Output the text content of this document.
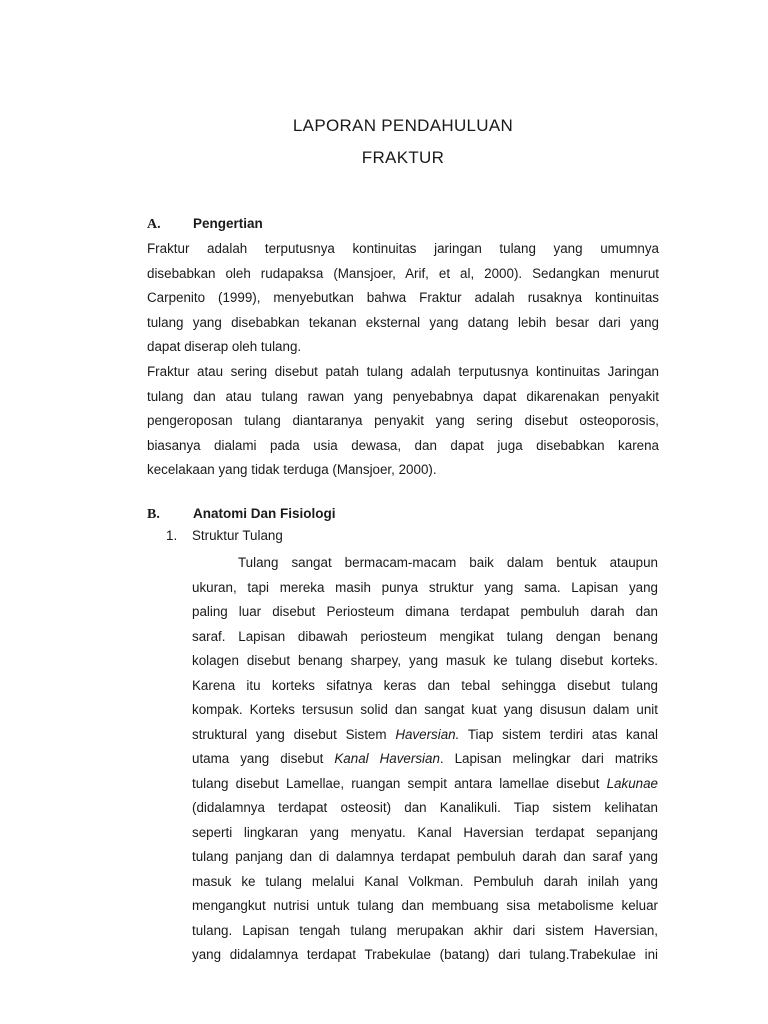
LAPORAN PENDAHULUAN
FRAKTUR
A. Pengertian
Fraktur adalah terputusnya kontinuitas jaringan tulang yang umumnya
disebabkan oleh rudapaksa (Mansjoer, Arif, et al, 2000). Sedangkan menurut
Carpenito (1999), menyebutkan bahwa Fraktur adalah rusaknya kontinuitas
tulang yang disebabkan tekanan eksternal yang datang lebih besar dari yang
dapat diserap oleh tulang.
Fraktur atau sering disebut patah tulang adalah terputusnya kontinuitas Jaringan
tulang dan atau tulang rawan yang penyebabnya dapat dikarenakan penyakit
pengeroposan tulang diantaranya penyakit yang sering disebut osteoporosis,
biasanya dialami pada usia dewasa, dan dapat juga disebabkan karena
kecelakaan yang tidak terduga (Mansjoer, 2000).
B. Anatomi Dan Fisiologi
1. Struktur Tulang
Tulang sangat bermacam-macam baik dalam bentuk ataupun
ukuran, tapi mereka masih punya struktur yang sama. Lapisan yang
paling luar disebut Periosteum dimana terdapat pembuluh darah dan
saraf. Lapisan dibawah periosteum mengikat tulang dengan benang
kolagen disebut benang sharpey, yang masuk ke tulang disebut korteks.
Karena itu korteks sifatnya keras dan tebal sehingga disebut tulang
kompak. Korteks tersusun solid dan sangat kuat yang disusun dalam unit
struktural yang disebut Sistem Haversian. Tiap sistem terdiri atas kanal
utama yang disebut Kanal Haversian. Lapisan melingkar dari matriks
tulang disebut Lamellae, ruangan sempit antara lamellae disebut Lakunae
(didalamnya terdapat osteosit) dan Kanalikuli. Tiap sistem kelihatan
seperti lingkaran yang menyatu. Kanal Haversian terdapat sepanjang
tulang panjang dan di dalamnya terdapat pembuluh darah dan saraf yang
masuk ke tulang melalui Kanal Volkman. Pembuluh darah inilah yang
mengangkut nutrisi untuk tulang dan membuang sisa metabolisme keluar
tulang. Lapisan tengah tulang merupakan akhir dari sistem Haversian,
yang didalamnya terdapat Trabekulae (batang) dari tulang.Trabekulae ini
